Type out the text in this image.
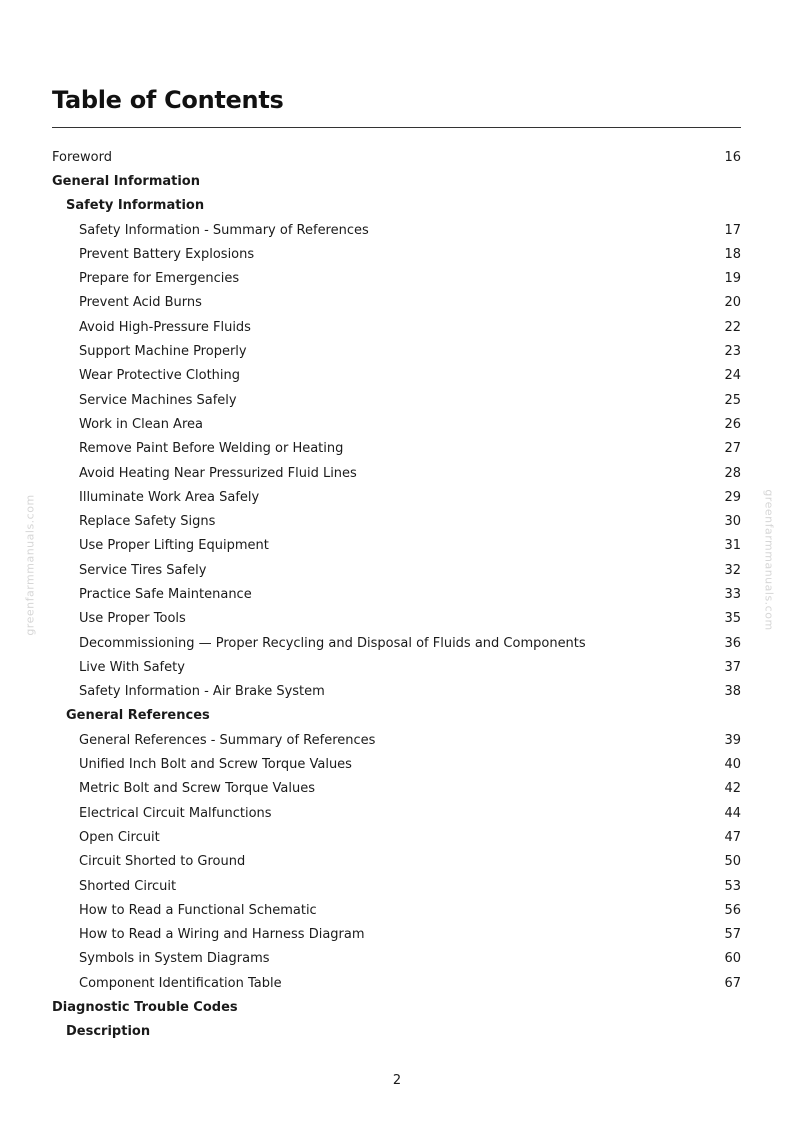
greenfarmmanuals.com	greenfarmmanuals.com
Table of Contents
Foreword	16
General Information
Safety Information
Safety Information - Summary of References	17
Prevent Battery Explosions	18
Prepare for Emergencies	19
Prevent Acid Burns	20
Avoid High-Pressure Fluids	22
Support Machine Properly	23
Wear Protective Clothing	24
Service Machines Safely	25
Work in Clean Area	26
Remove Paint Before Welding or Heating	27
Avoid Heating Near Pressurized Fluid Lines	28
Illuminate Work Area Safely	29
Replace Safety Signs	30
Use Proper Lifting Equipment	31
Service Tires Safely	32
Practice Safe Maintenance	33
Use Proper Tools	35
Decommissioning — Proper Recycling and Disposal of Fluids and Components	36
Live With Safety	37
Safety Information - Air Brake System	38
General References
General References - Summary of References	39
Unified Inch Bolt and Screw Torque Values	40
Metric Bolt and Screw Torque Values	42
Electrical Circuit Malfunctions	44
Open Circuit	47
Circuit Shorted to Ground	50
Shorted Circuit	53
How to Read a Functional Schematic	56
How to Read a Wiring and Harness Diagram	57
Symbols in System Diagrams	60
Component Identification Table	67
Diagnostic Trouble Codes
Description
2
